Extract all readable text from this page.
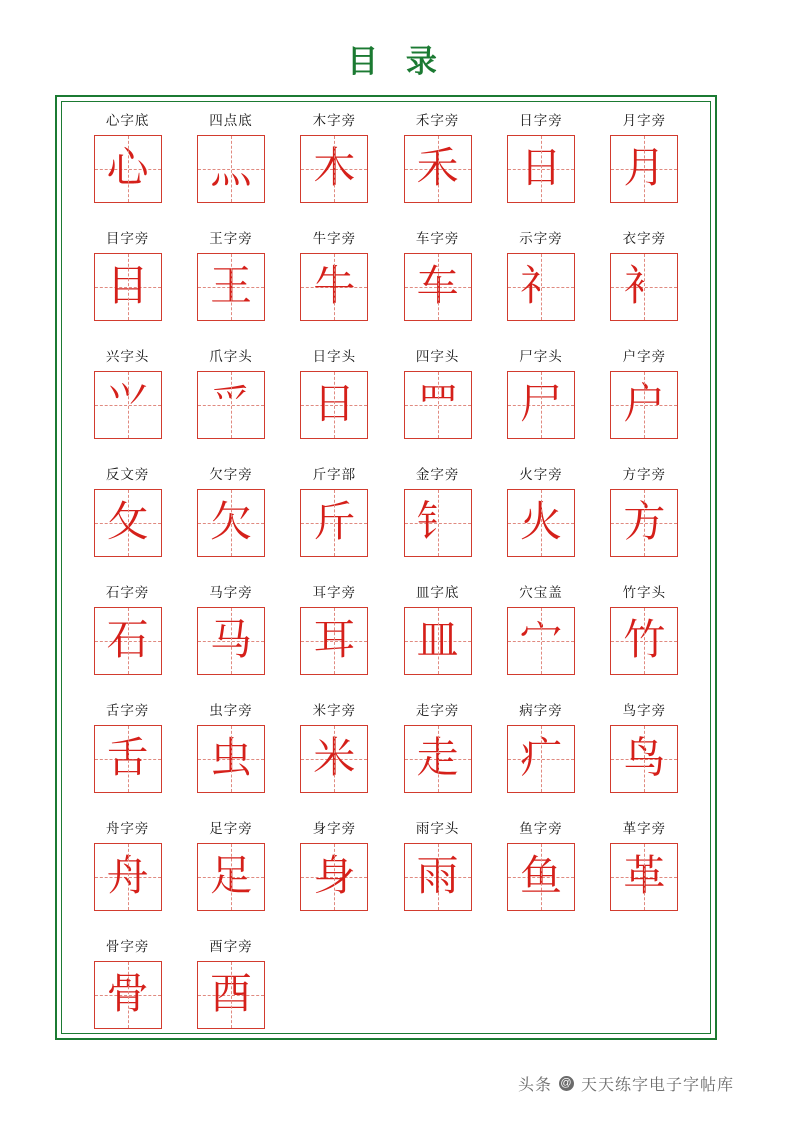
目 录
心字底
心
四点底
灬
木字旁
木
禾字旁
禾
日字旁
日
月字旁
月
目字旁
目
王字旁
王
牛字旁
牛
车字旁
车
示字旁
礻
衣字旁
衤
兴字头
⺍
爪字头
爫
日字头
日
四字头
罒
尸字头
尸
户字旁
户
反文旁
攵
欠字旁
欠
斤字部
斤
金字旁
钅
火字旁
火
方字旁
方
石字旁
石
马字旁
马
耳字旁
耳
皿字底
皿
穴宝盖
宀
竹字头
竹
舌字旁
舌
虫字旁
虫
米字旁
米
走字旁
走
病字旁
疒
鸟字旁
鸟
舟字旁
舟
足字旁
足
身字旁
身
雨字头
雨
鱼字旁
鱼
革字旁
革
骨字旁
骨
酉字旁
酉
头条 @ 天天练字电子字帖库
